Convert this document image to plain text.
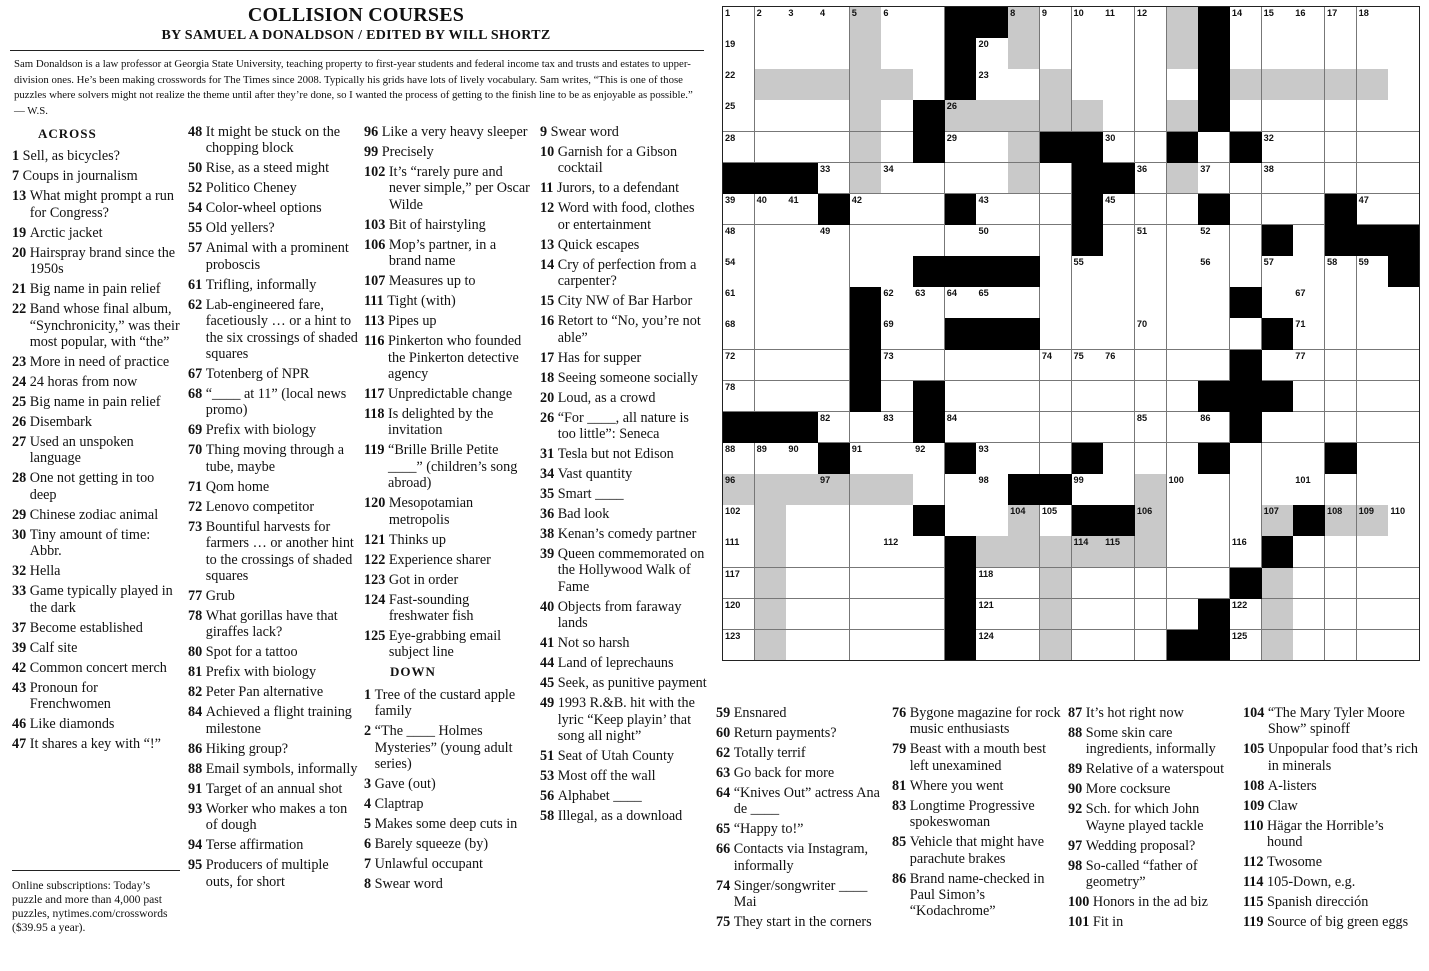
COLLISION COURSES
BY SAMUEL A DONALDSON / EDITED BY WILL SHORTZ
Sam Donaldson is a law professor at Georgia State University, teaching property to first-year students and federal income tax and trusts and estates to upper-division ones. He’s been making crosswords for The Times since 2008. Typically his grids have lots of lively vocabulary. Sam writes, “This is one of those puzzles where solvers might not realize the theme until after they’re done, so I wanted the process of getting to the finish line to be as enjoyable as possible.” — W.S.
ACROSS
1 Sell, as bicycles?
7 Coups in journalism
13 What might prompt a run for Congress?
19 Arctic jacket
20 Hairspray brand since the 1950s
21 Big name in pain relief
22 Band whose final album, “Synchronicity,” was their most popular, with “the”
23 More in need of practice
24 24 horas from now
25 Big name in pain relief
26 Disembark
27 Used an unspoken language
28 One not getting in too deep
29 Chinese zodiac animal
30 Tiny amount of time: Abbr.
32 Hella
33 Game typically played in the dark
37 Become established
39 Calf site
42 Common concert merch
43 Pronoun for Frenchwomen
46 Like diamonds
47 It shares a key with “!”
48 It might be stuck on the chopping block
50 Rise, as a steed might
52 Politico Cheney
54 Color-wheel options
55 Old yellers?
57 Animal with a prominent proboscis
61 Trifling, informally
62 Lab-engineered fare, facetiously … or a hint to the six crossings of shaded squares
67 Totenberg of NPR
68 “____ at 11” (local news promo)
69 Prefix with biology
70 Thing moving through a tube, maybe
71 Qom home
72 Lenovo competitor
73 Bountiful harvests for farmers … or another hint to the crossings of shaded squares
77 Grub
78 What gorillas have that giraffes lack?
80 Spot for a tattoo
81 Prefix with biology
82 Peter Pan alternative
84 Achieved a flight training milestone
86 Hiking group?
88 Email symbols, informally
91 Target of an annual shot
93 Worker who makes a ton of dough
94 Terse affirmation
95 Producers of multiple outs, for short
96 Like a very heavy sleeper
99 Precisely
102 It’s “rarely pure and never simple,” per Oscar Wilde
103 Bit of hairstyling
106 Mop’s partner, in a brand name
107 Measures up to
111 Tight (with)
113 Pipes up
116 Pinkerton who founded the Pinkerton detective agency
117 Unpredictable change
118 Is delighted by the invitation
119 “Brille Brille Petite ____” (children’s song abroad)
120 Mesopotamian metropolis
121 Thinks up
122 Experience sharer
123 Got in order
124 Fast-sounding freshwater fish
125 Eye-grabbing email subject line
DOWN
1 Tree of the custard apple family
2 “The ____ Holmes Mysteries” (young adult series)
3 Gave (out)
4 Claptrap
5 Makes some deep cuts in
6 Barely squeeze (by)
7 Unlawful occupant
8 Swear word
9 Swear word
10 Garnish for a Gibson cocktail
11 Jurors, to a defendant
12 Word with food, clothes or entertainment
13 Quick escapes
14 Cry of perfection from a carpenter?
15 City NW of Bar Harbor
16 Retort to “No, you’re not able”
17 Has for supper
18 Seeing someone socially
20 Loud, as a crowd
26 “For ____, all nature is too little”: Seneca
31 Tesla but not Edison
34 Vast quantity
35 Smart ____
36 Bad look
38 Kenan’s comedy partner
39 Queen commemorated on the Hollywood Walk of Fame
40 Objects from faraway lands
41 Not so harsh
44 Land of leprechauns
45 Seek, as punitive payment
49 1993 R.&B. hit with the lyric “Keep playin’ that song all night”
51 Seat of Utah County
53 Most off the wall
56 Alphabet ____
58 Illegal, as a download
59 Ensnared
60 Return payments?
62 Totally terrif
63 Go back for more
64 “Knives Out” actress Ana de ____
65 “Happy to!”
66 Contacts via Instagram, informally
74 Singer/songwriter ____ Mai
75 They start in the corners
76 Bygone magazine for rock music enthusiasts
79 Beast with a mouth best left unexamined
81 Where you went
83 Longtime Progressive spokeswoman
85 Vehicle that might have parachute brakes
86 Brand name-checked in Paul Simon’s “Kodachrome”
87 It’s hot right now
88 Some skin care ingredients, informally
89 Relative of a waterspout
90 More cocksure
92 Sch. for which John Wayne played tackle
97 Wedding proposal?
98 So-called “father of geometry”
100 Honors in the ad biz
101 Fit in
104 “The Mary Tyler Moore Show” spinoff
105 Unpopular food that’s rich in minerals
108 A-listers
109 Claw
110 Hägar the Horrible’s hound
112 Twosome
114 105-Down, e.g.
115 Spanish dirección
119 Source of big green eggs
Online subscriptions: Today’s puzzle and more than 4,000 past puzzles, nytimes.com/crosswords ($39.95 a year).
1	2	3	4	5	6	8	9	10 11 12	14 15 16 17 18
19	20
22	23
25	26
28	29	30	32
33	34	36	37	38
39 40 41	42	43	45	47
48	49	50	51	52
54	55	56	57	58 59
61	62 63 64 65	67
68	69	70	71
72	73	74 75 76	77
78
82	83	84	85	86
88 89 90	91	92	93
96	97	98	99	100	101
102	104 105	106	107	108 109 110
111	112	114 115	116
117	118
120	121	122
123	124	125
